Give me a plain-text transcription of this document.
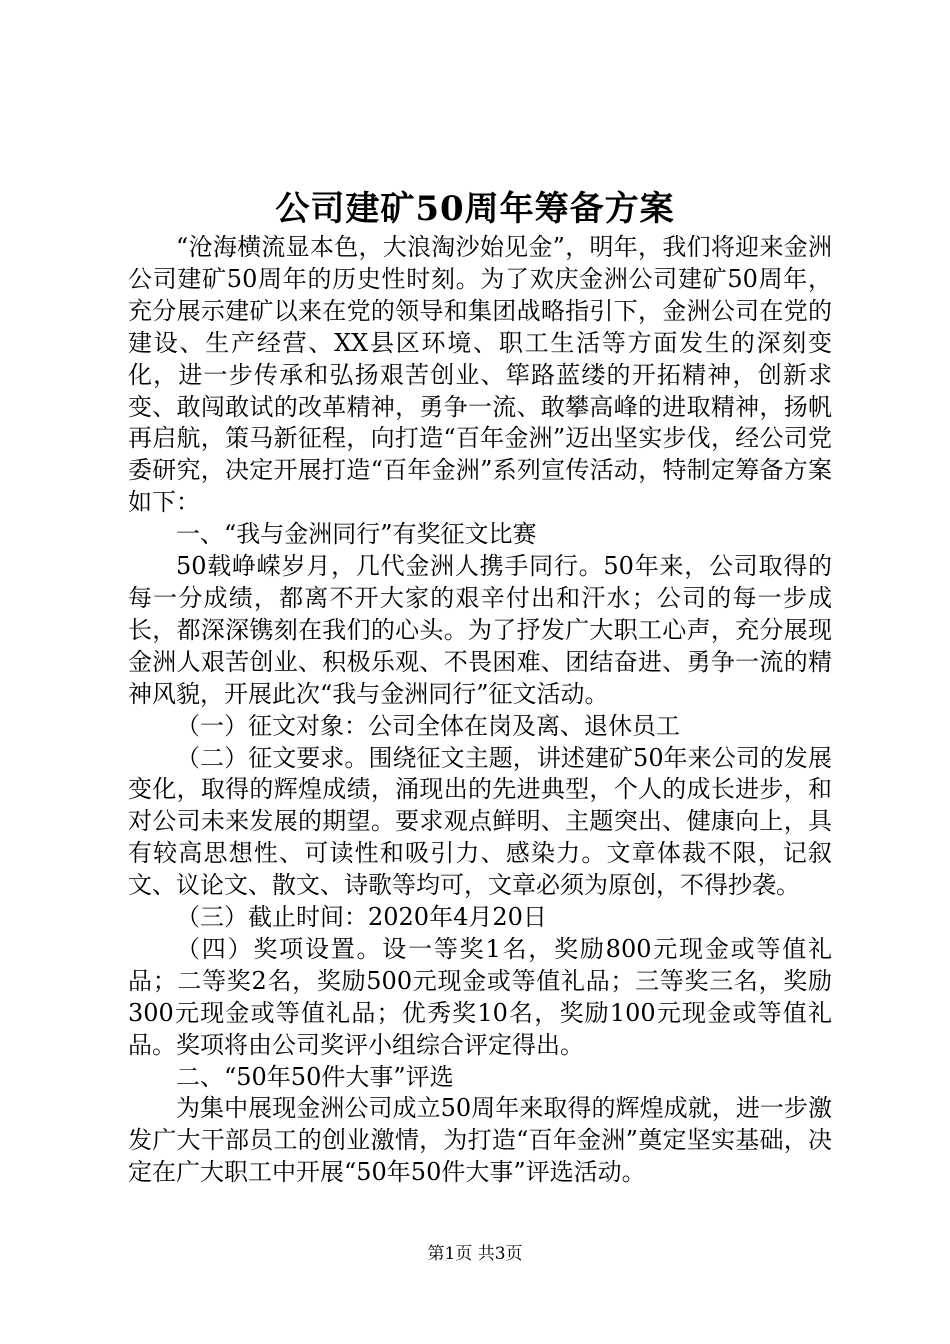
公司建矿50周年筹备方案

“沧海横流显本色，大浪淘沙始见金”，明年，我们将迎来金洲公司建矿50周年的历史性时刻。为了欢庆金洲公司建矿50周年，充分展示建矿以来在党的领导和集团战略指引下，金洲公司在党的建设、生产经营、XX县区环境、职工生活等方面发生的深刻变化，进一步传承和弘扬艰苦创业、筚路蓝缕的开拓精神，创新求变、敢闯敢试的改革精神，勇争一流、敢攀高峰的进取精神，扬帆再启航，策马新征程，向打造“百年金洲”迈出坚实步伐，经公司党委研究，决定开展打造“百年金洲”系列宣传活动，特制定筹备方案如下：

一、“我与金洲同行”有奖征文比赛

50载峥嵘岁月，几代金洲人携手同行。50年来，公司取得的每一分成绩，都离不开大家的艰辛付出和汗水；公司的每一步成长，都深深镌刻在我们的心头。为了抒发广大职工心声，充分展现金洲人艰苦创业、积极乐观、不畏困难、团结奋进、勇争一流的精神风貌，开展此次“我与金洲同行”征文活动。

（一）征文对象：公司全体在岗及离、退休员工

（二）征文要求。围绕征文主题，讲述建矿50年来公司的发展变化，取得的辉煌成绩，涌现出的先进典型，个人的成长进步，和对公司未来发展的期望。要求观点鲜明、主题突出、健康向上，具有较高思想性、可读性和吸引力、感染力。文章体裁不限，记叙文、议论文、散文、诗歌等均可，文章必须为原创，不得抄袭。

（三）截止时间：2020年4月20日

（四）奖项设置。设一等奖1名，奖励800元现金或等值礼品；二等奖2名，奖励500元现金或等值礼品；三等奖三名，奖励300元现金或等值礼品；优秀奖10名，奖励100元现金或等值礼品。奖项将由公司奖评小组综合评定得出。

二、“50年50件大事”评选

为集中展现金洲公司成立50周年来取得的辉煌成就，进一步激发广大干部员工的创业激情，为打造“百年金洲”奠定坚实基础，决定在广大职工中开展“50年50件大事”评选活动。

第1页 共3页
